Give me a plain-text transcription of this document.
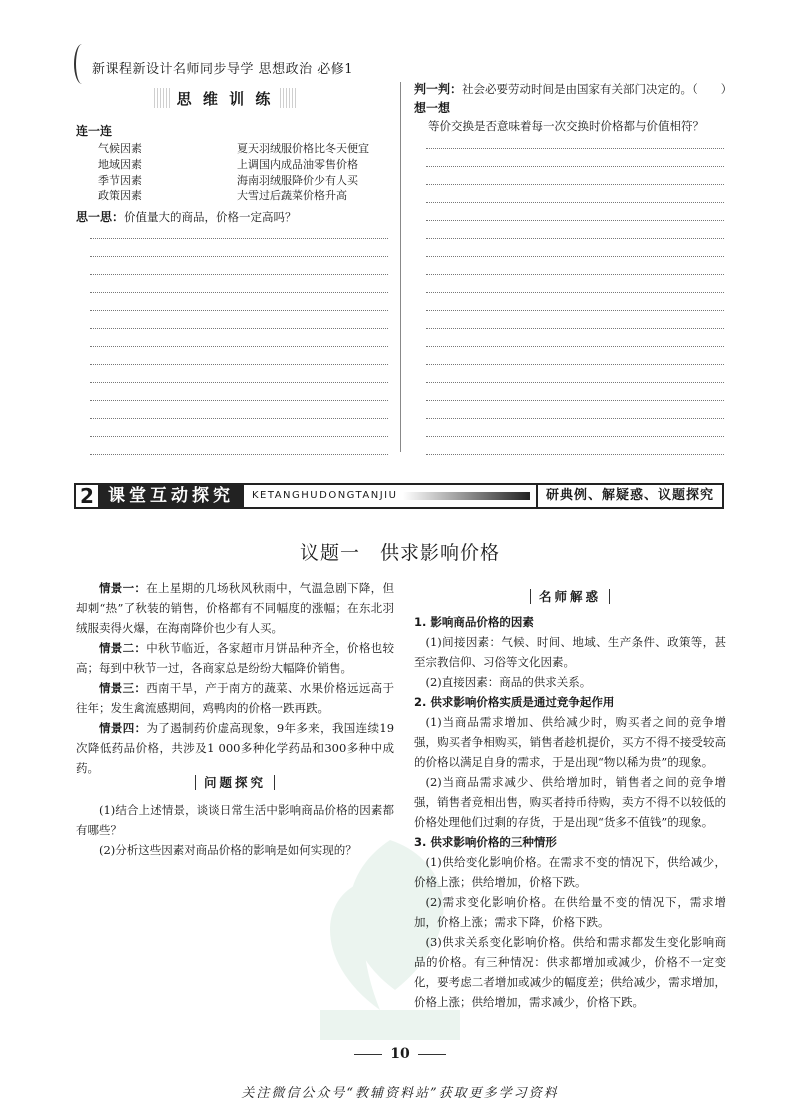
新课程新设计名师同步导学 思想政治 必修1
思 维 训 练
连一连
气候因素
地域因素
季节因素
政策因素
夏天羽绒服价格比冬天便宜
上调国内成品油零售价格
海南羽绒服降价少有人买
大雪过后蔬菜价格升高
思一思：价值量大的商品，价格一定高吗？
判一判：社会必要劳动时间是由国家有关部门决定的。（　　）
想一想
等价交换是否意味着每一次交换时价格都与价值相符？
2 课堂互动探究	KETANGHUDONGTANJIU	研典例、解疑惑、议题探究
议题一　供求影响价格

情景一：在上星期的几场秋风秋雨中，气温急剧下降，但却刺“热”了秋装的销售，价格都有不同幅度的涨幅；在东北羽绒服卖得火爆，在海南降价也少有人买。

情景二：中秋节临近，各家超市月饼品种齐全，价格也较高；每到中秋节一过，各商家总是纷纷大幅降价销售。

情景三：西南干旱，产于南方的蔬菜、水果价格远远高于往年；发生禽流感期间，鸡鸭肉的价格一跌再跌。

情景四：为了遏制药价虚高现象，9年多来，我国连续19次降低药品价格，共涉及1 000多种化学药品和300多种中成药。

问题探究

(1)结合上述情景，谈谈日常生活中影响商品价格的因素都有哪些？

(2)分析这些因素对商品价格的影响是如何实现的？

名师解惑

1. 影响商品价格的因素

(1)间接因素：气候、时间、地域、生产条件、政策等，甚至宗教信仰、习俗等文化因素。

(2)直接因素：商品的供求关系。

2. 供求影响价格实质是通过竞争起作用

(1)当商品需求增加、供给减少时，购买者之间的竞争增强，购买者争相购买，销售者趁机提价，买方不得不接受较高的价格以满足自身的需求，于是出现“物以稀为贵”的现象。

(2)当商品需求减少、供给增加时，销售者之间的竞争增强，销售者竞相出售，购买者持币待购，卖方不得不以较低的价格处理他们过剩的存货，于是出现“货多不值钱”的现象。

3. 供求影响价格的三种情形

(1)供给变化影响价格。在需求不变的情况下，供给减少，价格上涨；供给增加，价格下跌。

(2)需求变化影响价格。在供给量不变的情况下，需求增加，价格上涨；需求下降，价格下跌。

(3)供求关系变化影响价格。供给和需求都发生变化影响商品的价格。有三种情况：供求都增加或减少，价格不一定变化，要考虑二者增加或减少的幅度差；供给减少，需求增加，价格上涨；供给增加，需求减少，价格下跌。

10
关注微信公众号“教辅资料站”获取更多学习资料
